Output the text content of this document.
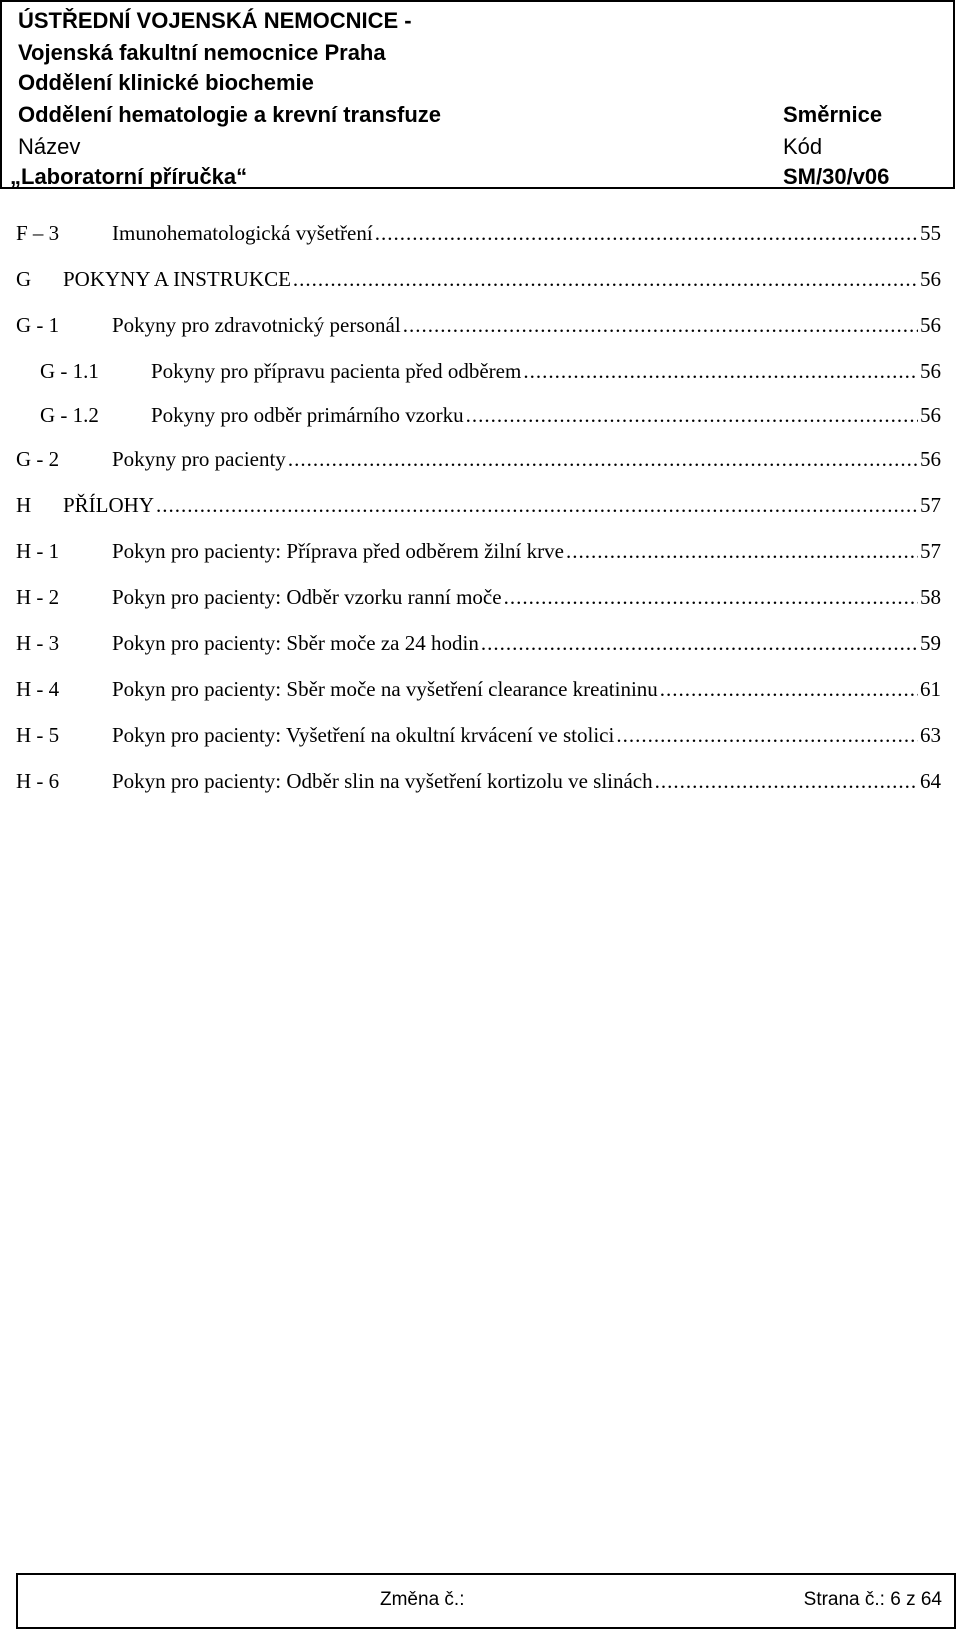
ÚSTŘEDNÍ VOJENSKÁ NEMOCNICE -
Vojenská fakultní nemocnice Praha
Oddělení klinické biochemie
Oddělení hematologie a krevní transfuze	Směrnice
Název	Kód
„Laboratorní příručka“	SM/30/v06
F – 3	Imunohematologická vyšetření .....	55
G	POKYNY A INSTRUKCE .....	56
G - 1	Pokyny pro zdravotnický personál .....	56
G - 1.1	Pokyny pro přípravu pacienta před odběrem .....	56
G - 1.2	Pokyny pro odběr primárního vzorku .....	56
G - 2	Pokyny pro pacienty .....	56
H	PŘÍLOHY .....	57
H - 1	Pokyn pro pacienty: Příprava před odběrem žilní krve .....	57
H - 2	Pokyn pro pacienty: Odběr vzorku ranní moče .....	58
H - 3	Pokyn pro pacienty: Sběr moče za 24 hodin .....	59
H - 4	Pokyn pro pacienty: Sběr moče na vyšetření clearance kreatininu .....	61
H - 5	Pokyn pro pacienty: Vyšetření na okultní krvácení ve stolici .....	63
H - 6	Pokyn pro pacienty: Odběr slin na vyšetření kortizolu ve slinách .....	64
Změna č.:	Strana č.: 6 z 64
